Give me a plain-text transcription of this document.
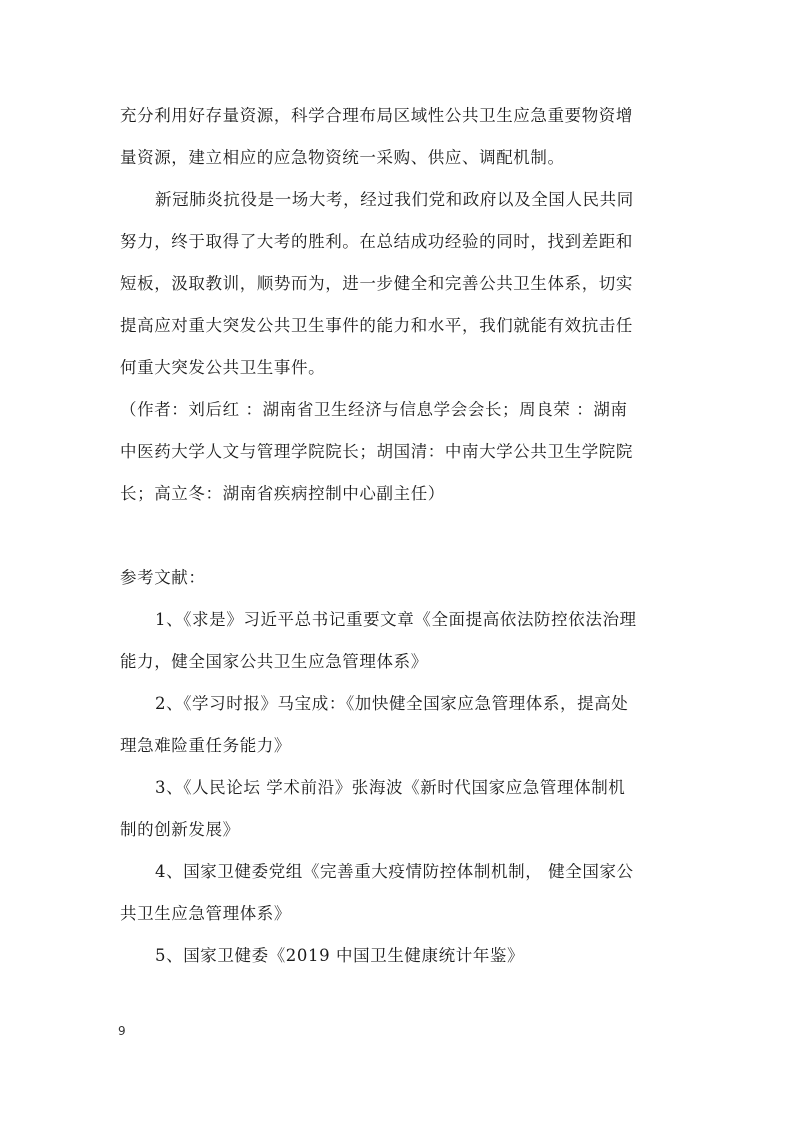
充分利用好存量资源，科学合理布局区域性公共卫生应急重要物资增
量资源，建立相应的应急物资统一采购、供应、调配机制。
新冠肺炎抗役是一场大考，经过我们党和政府以及全国人民共同
努力，终于取得了大考的胜利。在总结成功经验的同时，找到差距和
短板，汲取教训，顺势而为，进一步健全和完善公共卫生体系，切实
提高应对重大突发公共卫生事件的能力和水平，我们就能有效抗击任
何重大突发公共卫生事件。
（作者：刘后红 ：湖南省卫生经济与信息学会会长；周良荣 ：湖南
中医药大学人文与管理学院院长；胡国清：中南大学公共卫生学院院
长；高立冬：湖南省疾病控制中心副主任）
参考文献：
1、《求是》习近平总书记重要文章《全面提高依法防控依法治理
能力，健全国家公共卫生应急管理体系》
2、《学习时报》马宝成：《加快健全国家应急管理体系，提高处
理急难险重任务能力》
3、《人民论坛 学术前沿》张海波《新时代国家应急管理体制机
制的创新发展》
4、国家卫健委党组《完善重大疫情防控体制机制， 健全国家公
共卫生应急管理体系》
5、国家卫健委《2019 中国卫生健康统计年鉴》
9
